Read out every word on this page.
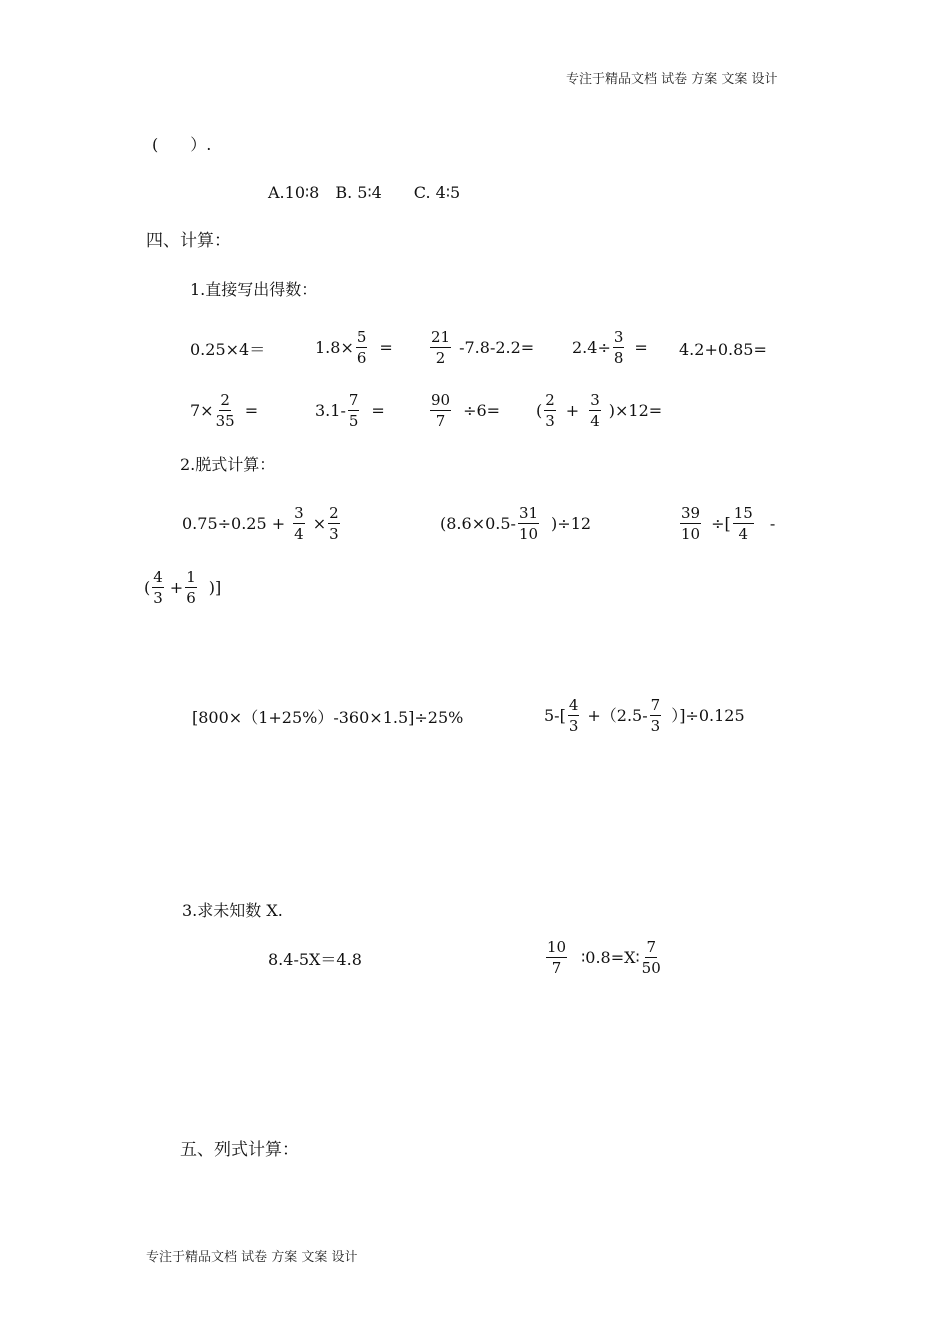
专注于精品文档 试卷 方案 文案 设计
(　　）.
A.10∶8　B. 5∶4　　C. 4∶5
四、计算：
1.直接写出得数：
0.25×4＝	$1.8\times \frac{5}{6} = \frac{21}{2} -7.8-2.2= 2.4\div \frac{3}{8} = 4.2+0.85=$
$7\times \frac{2}{35}$ =	$3.1- \frac{7}{5}$ =	$\frac{90}{7} \div 6=$ ( $\frac{2}{3} + \frac{3}{4} )\times 12=$
2.脱式计算：
$0.75\div 0.25 + \frac{3}{4} \times \frac{2}{3}$	$(8.6\times 0.5- \frac{31}{10} )\div 12$	$\frac{39}{10}$ ÷[ $\frac{15}{4}$ -
( $\frac{4}{3} + \frac{1}{6}$ )]
[800×（1+25%）-360×1.5]÷25%	$5-[ \frac{4}{3} +(2.5- \frac{7}{3} )]\div 0.125$
3.求未知数 X.
8.4-5X＝4.8	$\frac{10}{7}$ ∶0.8=X∶ $\frac{7}{50}$
五、列式计算：
专注于精品文档 试卷 方案 文案 设计
